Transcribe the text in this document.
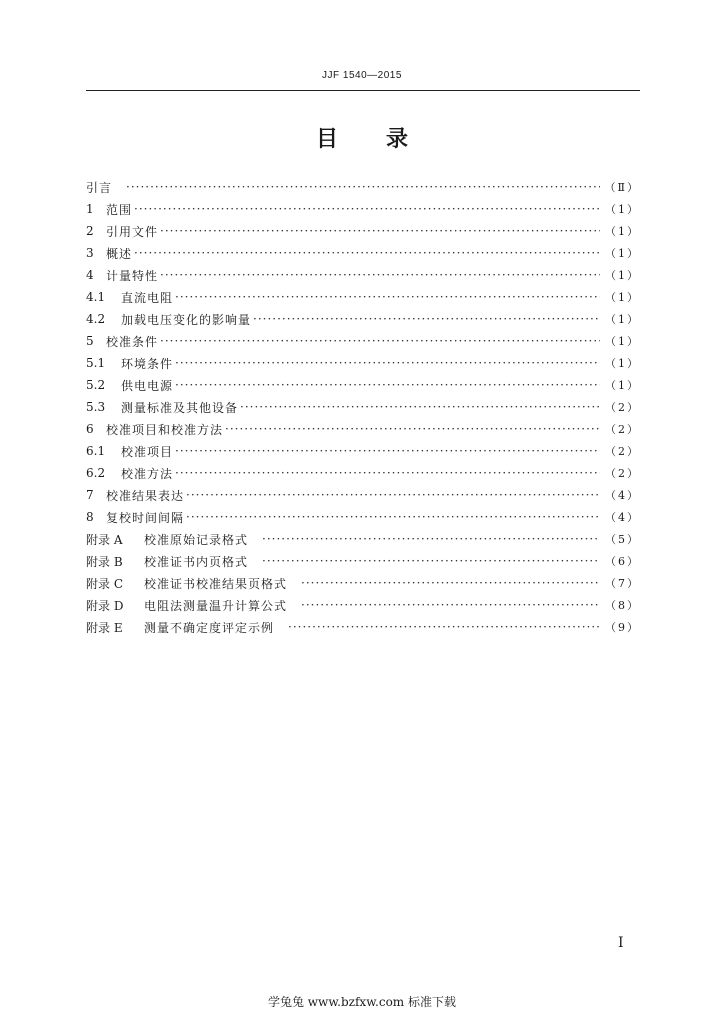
JJF 1540—2015
目录
引言 ·····	（Ⅱ）
1	范围 ·····	（1）
2	引用文件 ·····	（1）
3	概述 ·····	（1）
4	计量特性 ·····	（1）
4.1	直流电阻 ·····	（1）
4.2	加载电压变化的影响量 ·····	（1）
5	校准条件 ·····	（1）
5.1	环境条件 ·····	（1）
5.2	供电电源 ·····	（1）
5.3	测量标准及其他设备 ·····	（2）
6	校准项目和校准方法 ·····	（2）
6.1	校准项目 ·····	（2）
6.2	校准方法 ·····	（2）
7	校准结果表达 ·····	（4）
8	复校时间间隔 ·····	（4）
附录 A	校准原始记录格式 ·····	（5）
附录 B	校准证书内页格式 ·····	（6）
附录 C	校准证书校准结果页格式 ·····	（7）
附录 D	电阻法测量温升计算公式 ·····	（8）
附录 E	测量不确定度评定示例 ·····	（9）
I
学兔兔 www.bzfxw.com 标准下载
